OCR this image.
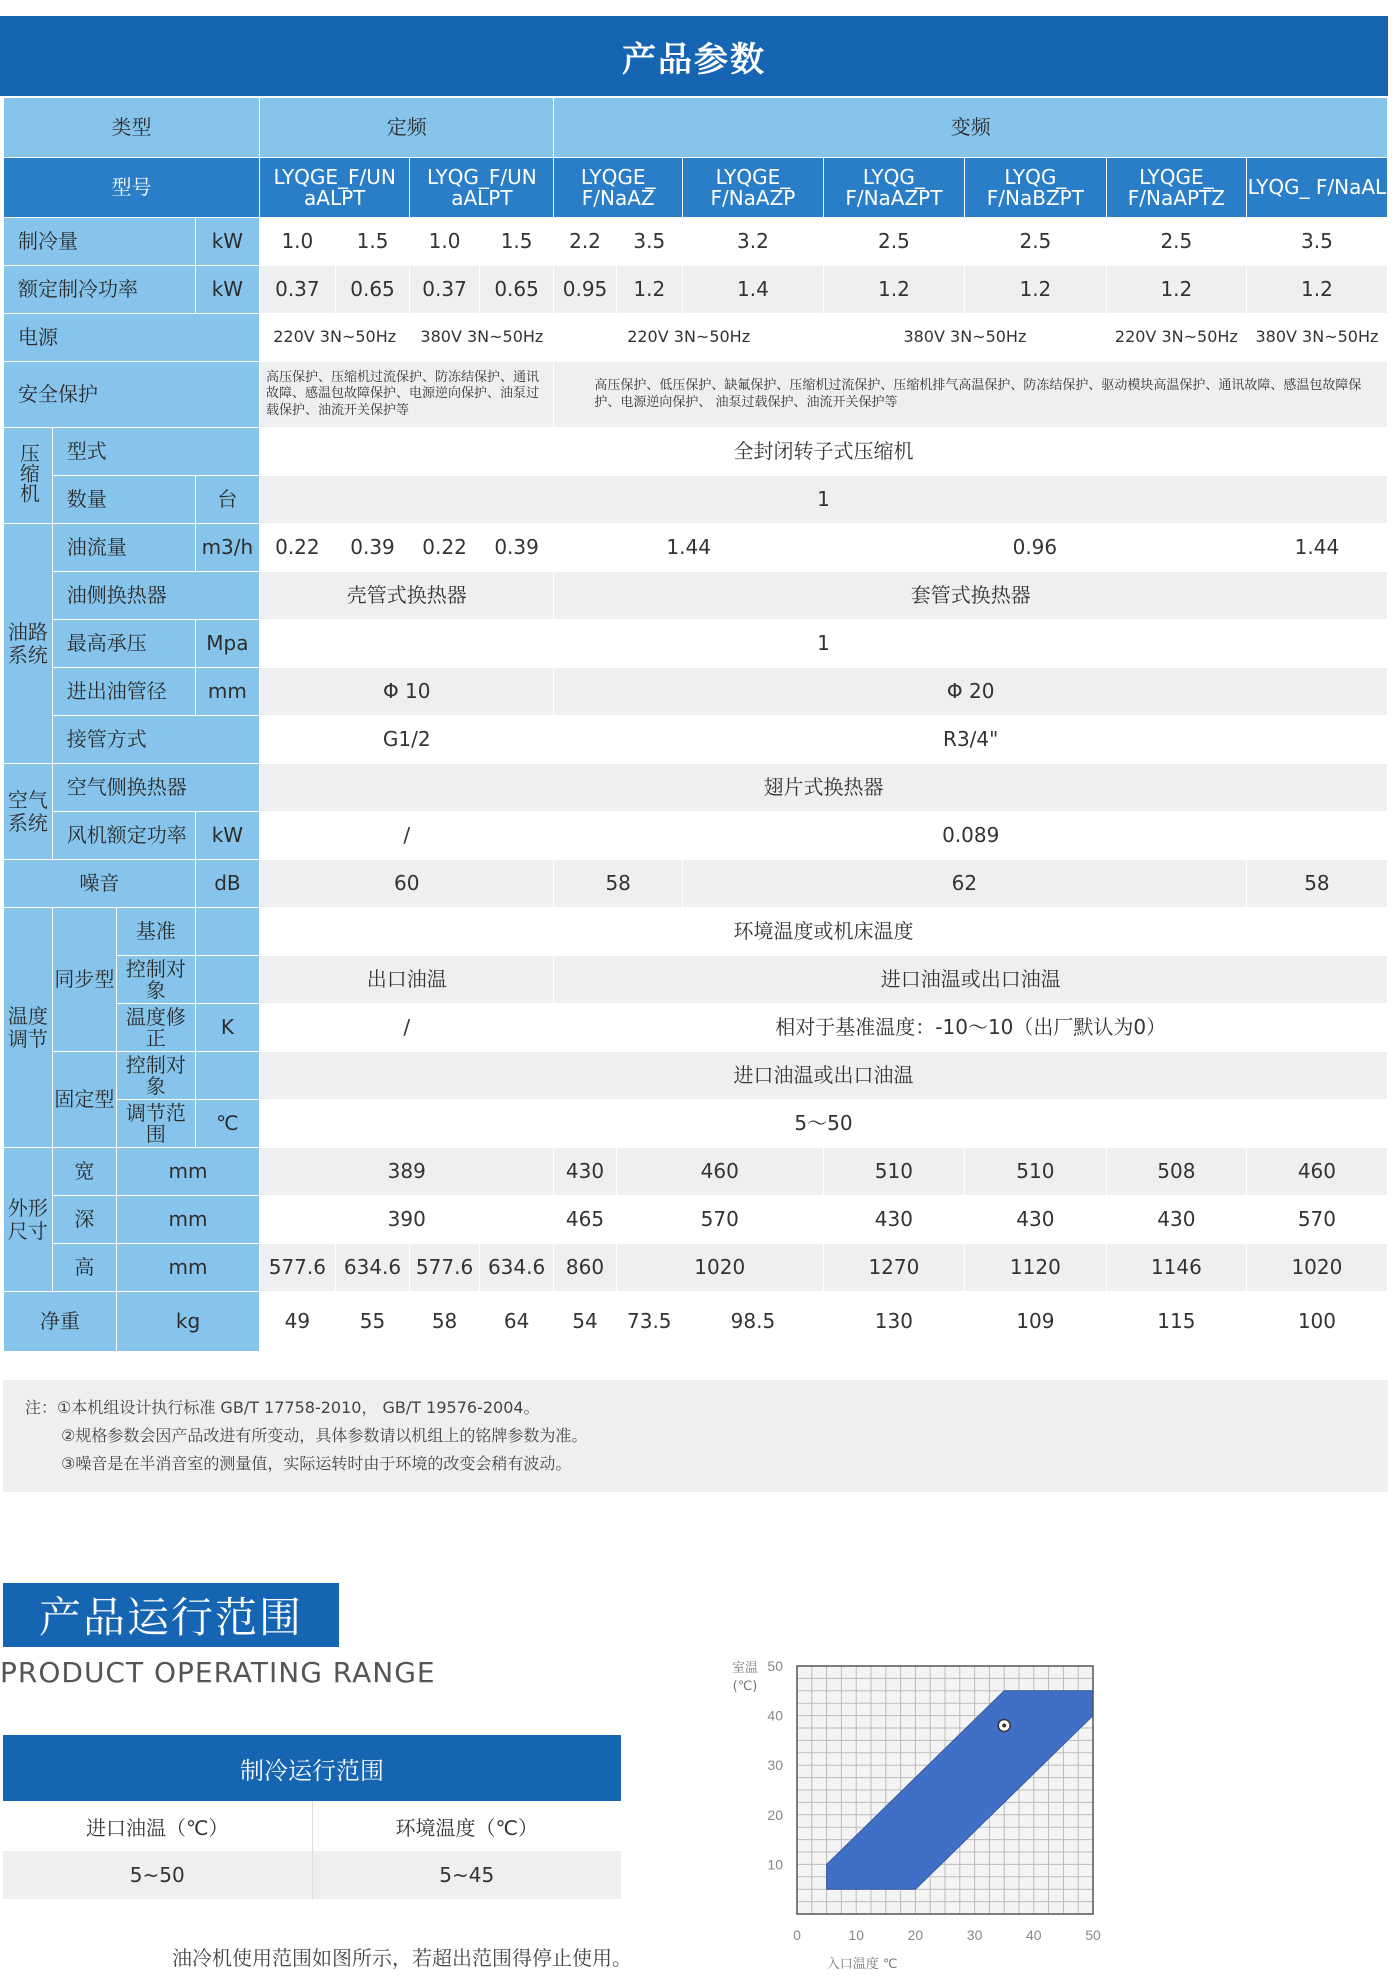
产品参数
类型				定频				变频						
型号				LYQGE_F/UN aALPT		LYQG_F/UN aALPT		LYQGE_ F/NaAZ		LYQGE_ F/NaAZP	LYQG_ F/NaAZPT	LYQG_ F/NaBZPT	LYQGE_ F/NaAPTZ	LYQG_ F/NaAL
制冷量			kW	1.0	1.5	1.0	1.5	2.2	3.5	3.2	2.5	2.5	2.5	3.5
额定制冷功率			kW	0.37	0.65	0.37	0.65	0.95	1.2	1.4	1.2	1.2	1.2	1.2
电源				220V 3N~50Hz		380V 3N~50Hz		220V 3N~50Hz			380V 3N~50Hz		220V 3N~50Hz	380V 3N~50Hz
安全保护				高压保护、压缩机过流保护、防冻结保护、通讯故障、感温包故障保护、电源逆向保护、油泵过载保护、油流开关保护等				高压保护、低压保护、缺氟保护、压缩机过流保护、压缩机排气高温保护、防冻结保护、驱动模块高温保护、通讯故障、感温包故障保护、电源逆向保护、 油泵过载保护、油流开关保护等						
压缩机	型式			全封闭转子式压缩机										
	数量		台	1										
油路系统	油流量		m3/h	0.22	0.39	0.22	0.39	1.44			0.96			1.44
	油侧换热器			壳管式换热器				套管式换热器						
	最高承压		Mpa	1										
	进出油管径		mm	Φ 10				Φ 20						
	接管方式			G1/2				R3/4"						
空气系统	空气侧换热器			翅片式换热器										
	风机额定功率		kW	/				0.089						
噪音			dB	60				58		62				58
温度调节	同步型	基准		环境温度或机床温度										
		控制对象		出口油温				进口油温或出口油温						
		温度修正	K	/				相对于基准温度：-10～10（出厂默认为0）						
	固定型	控制对象		进口油温或出口油温										
		调节范围	℃	5～50										
外形尺寸	宽	mm		389				430	460		510	510	508	460
	深	mm		390				465	570		430	430	430	570
	高	mm		577.6	634.6	577.6	634.6	860	1020		1270	1120	1146	1020
净重		kg		49	55	58	64	54	73.5	98.5	130	109	115	100
注：①本机组设计执行标准 GB/T 17758-2010， GB/T 19576-2004。
②规格参数会因产品改进有所变动，具体参数请以机组上的铭牌参数为准。
③噪音是在半消音室的测量值，实际运转时由于环境的改变会稍有波动。
产品运行范围
PRODUCT OPERATING RANGE
制冷运行范围	
进口油温（℃）	环境温度（℃）
5~50	5~45
油冷机使用范围如图所示，若超出范围得停止使用。
0	10	20	30	40	50
10
20
30
40
50
室温
(℃)
入口温度 ℃
